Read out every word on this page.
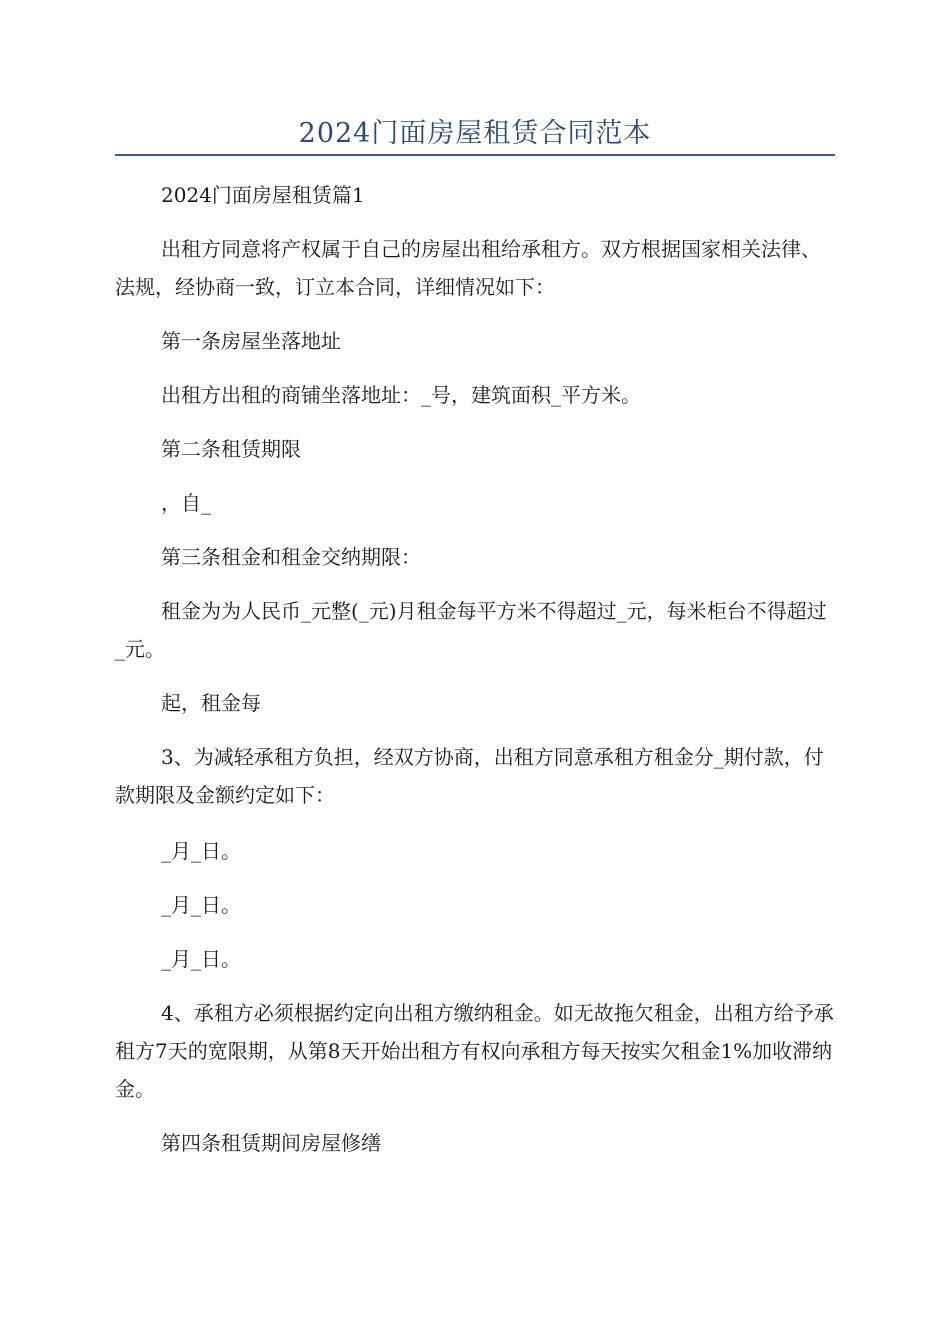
2024门面房屋租赁合同范本

2024门面房屋租赁篇1

出租方同意将产权属于自己的房屋出租给承租方。双方根据国家相关法律、法规，经协商一致，订立本合同，详细情况如下：

第一条房屋坐落地址

出租方出租的商铺坐落地址：_号，建筑面积_平方米。

第二条租赁期限

，自_

第三条租金和租金交纳期限：

租金为为人民币_元整(_元)月租金每平方米不得超过_元，每米柜台不得超过_元。

起，租金每

3、为减轻承租方负担，经双方协商，出租方同意承租方租金分_期付款，付款期限及金额约定如下：

_月_日。

_月_日。

_月_日。

4、承租方必须根据约定向出租方缴纳租金。如无故拖欠租金，出租方给予承租方7天的宽限期，从第8天开始出租方有权向承租方每天按实欠租金1%加收滞纳金。

第四条租赁期间房屋修缮
